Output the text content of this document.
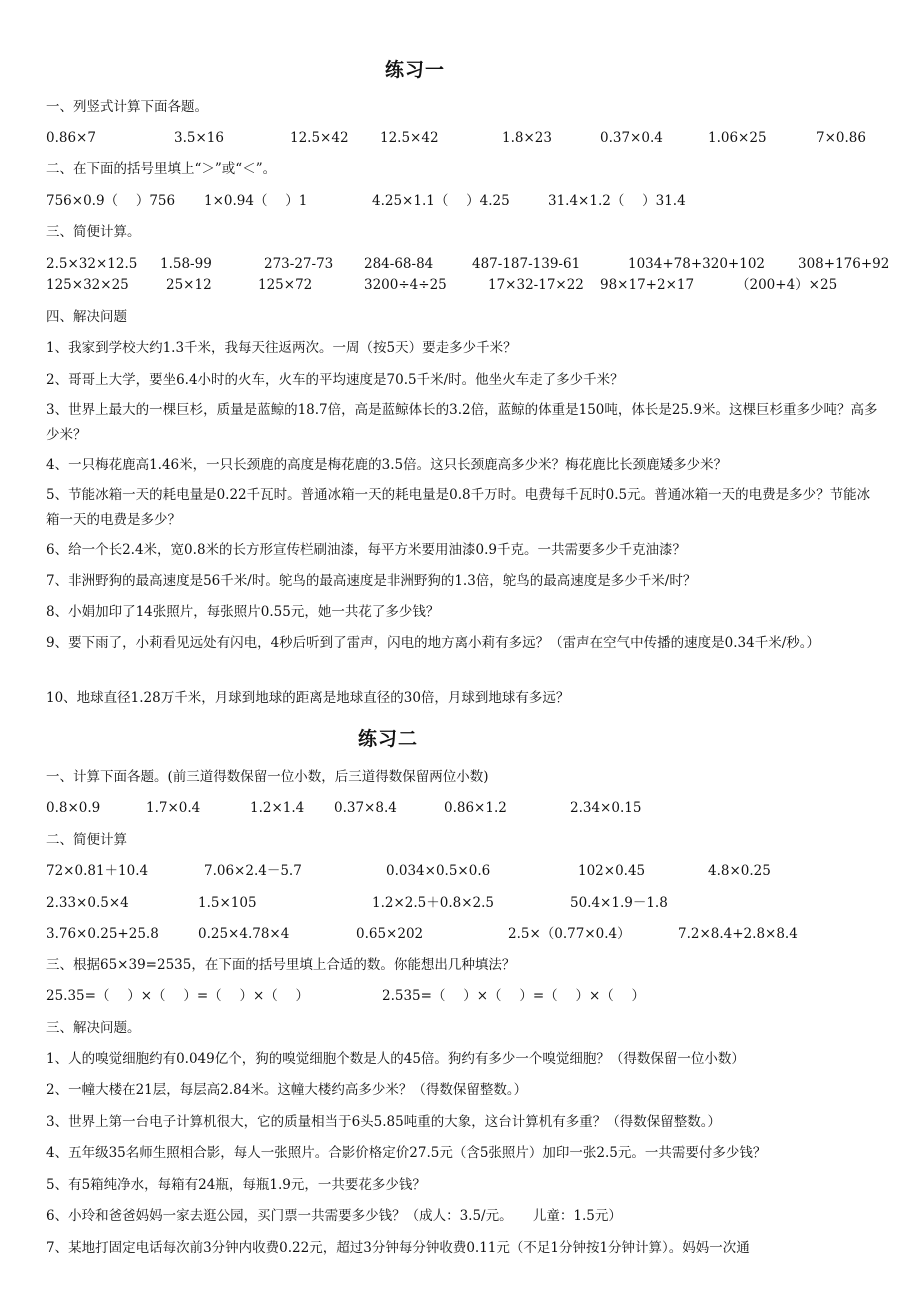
练习一
一、列竖式计算下面各题。
0.86×7	3.5×16	12.5×42 12.5×42	1.8×23	0.37×0.4	1.06×25	7×0.86
二、在下面的括号里填上“＞”或“＜”。
756×0.9（　 ）756 1×0.94（　 ）1	4.25×1.1（　 ）4.25	31.4×1.2（　 ）31.4
三、简便计算。
2.5×32×12.5 1.58-99	273-27-73 284-68-84	487-187-139-61	1034+78+320+102 308+176+92
125×32×25	25×12	125×72	3200÷4÷25	17×32-17×22 98×17+2×17	（200+4）×25
四、解决问题
1、我家到学校大约1.3千米，我每天往返两次。一周（按5天）要走多少千米？
2、哥哥上大学，要坐6.4小时的火车，火车的平均速度是70.5千米/时。他坐火车走了多少千米？
3、世界上最大的一棵巨杉，质量是蓝鲸的18.7倍，高是蓝鲸体长的3.2倍，蓝鲸的体重是150吨，体长是25.9米。这棵巨杉重多少吨？高多少米？
4、一只梅花鹿高1.46米，一只长颈鹿的高度是梅花鹿的3.5倍。这只长颈鹿高多少米？梅花鹿比长颈鹿矮多少米？
5、节能冰箱一天的耗电量是0.22千瓦时。普通冰箱一天的耗电量是0.8千万时。电费每千瓦时0.5元。普通冰箱一天的电费是多少？节能冰箱一天的电费是多少？
6、给一个长2.4米，宽0.8米的长方形宣传栏刷油漆，每平方米要用油漆0.9千克。一共需要多少千克油漆？
7、非洲野狗的最高速度是56千米/时。鸵鸟的最高速度是非洲野狗的1.3倍，鸵鸟的最高速度是多少千米/时？
8、小娟加印了14张照片，每张照片0.55元，她一共花了多少钱？
9、要下雨了，小莉看见远处有闪电，4秒后听到了雷声，闪电的地方离小莉有多远？（雷声在空气中传播的速度是0.34千米/秒。）
10、地球直径1.28万千米，月球到地球的距离是地球直径的30倍，月球到地球有多远？
练习二
一、计算下面各题。(前三道得数保留一位小数，后三道得数保留两位小数)
0.8×0.9	1.7×0.4	1.2×1.4 0.37×8.4	0.86×1.2	2.34×0.15
二、简便计算
72×0.81＋10.4	7.06×2.4－5.7	0.034×0.5×0.6	102×0.45	4.8×0.25
2.33×0.5×4	1.5×105	1.2×2.5＋0.8×2.5	50.4×1.9－1.8
3.76×0.25+25.8	0.25×4.78×4	0.65×202	2.5×（0.77×0.4）	7.2×8.4+2.8×8.4
三、根据65×39=2535，在下面的括号里填上合适的数。你能想出几种填法？
25.35=（　 ）×（　 ）=（　 ）×（　 ）	2.535=（　 ）×（　 ）=（　 ）×（　 ）
三、解决问题。
1、人的嗅觉细胞约有0.049亿个，狗的嗅觉细胞个数是人的45倍。狗约有多少一个嗅觉细胞？（得数保留一位小数）
2、一幢大楼在21层，每层高2.84米。这幢大楼约高多少米？（得数保留整数。）
3、世界上第一台电子计算机很大，它的质量相当于6头5.85吨重的大象，这台计算机有多重？（得数保留整数。）
4、五年级35名师生照相合影，每人一张照片。合影价格定价27.5元（含5张照片）加印一张2.5元。一共需要付多少钱？
5、有5箱纯净水，每箱有24瓶，每瓶1.9元，一共要花多少钱？
6、小玲和爸爸妈妈一家去逛公园，买门票一共需要多少钱？（成人：3.5/元。　　儿童：1.5元）
7、某地打固定电话每次前3分钟内收费0.22元，超过3分钟每分钟收费0.11元（不足1分钟按1分钟计算）。妈妈一次通
